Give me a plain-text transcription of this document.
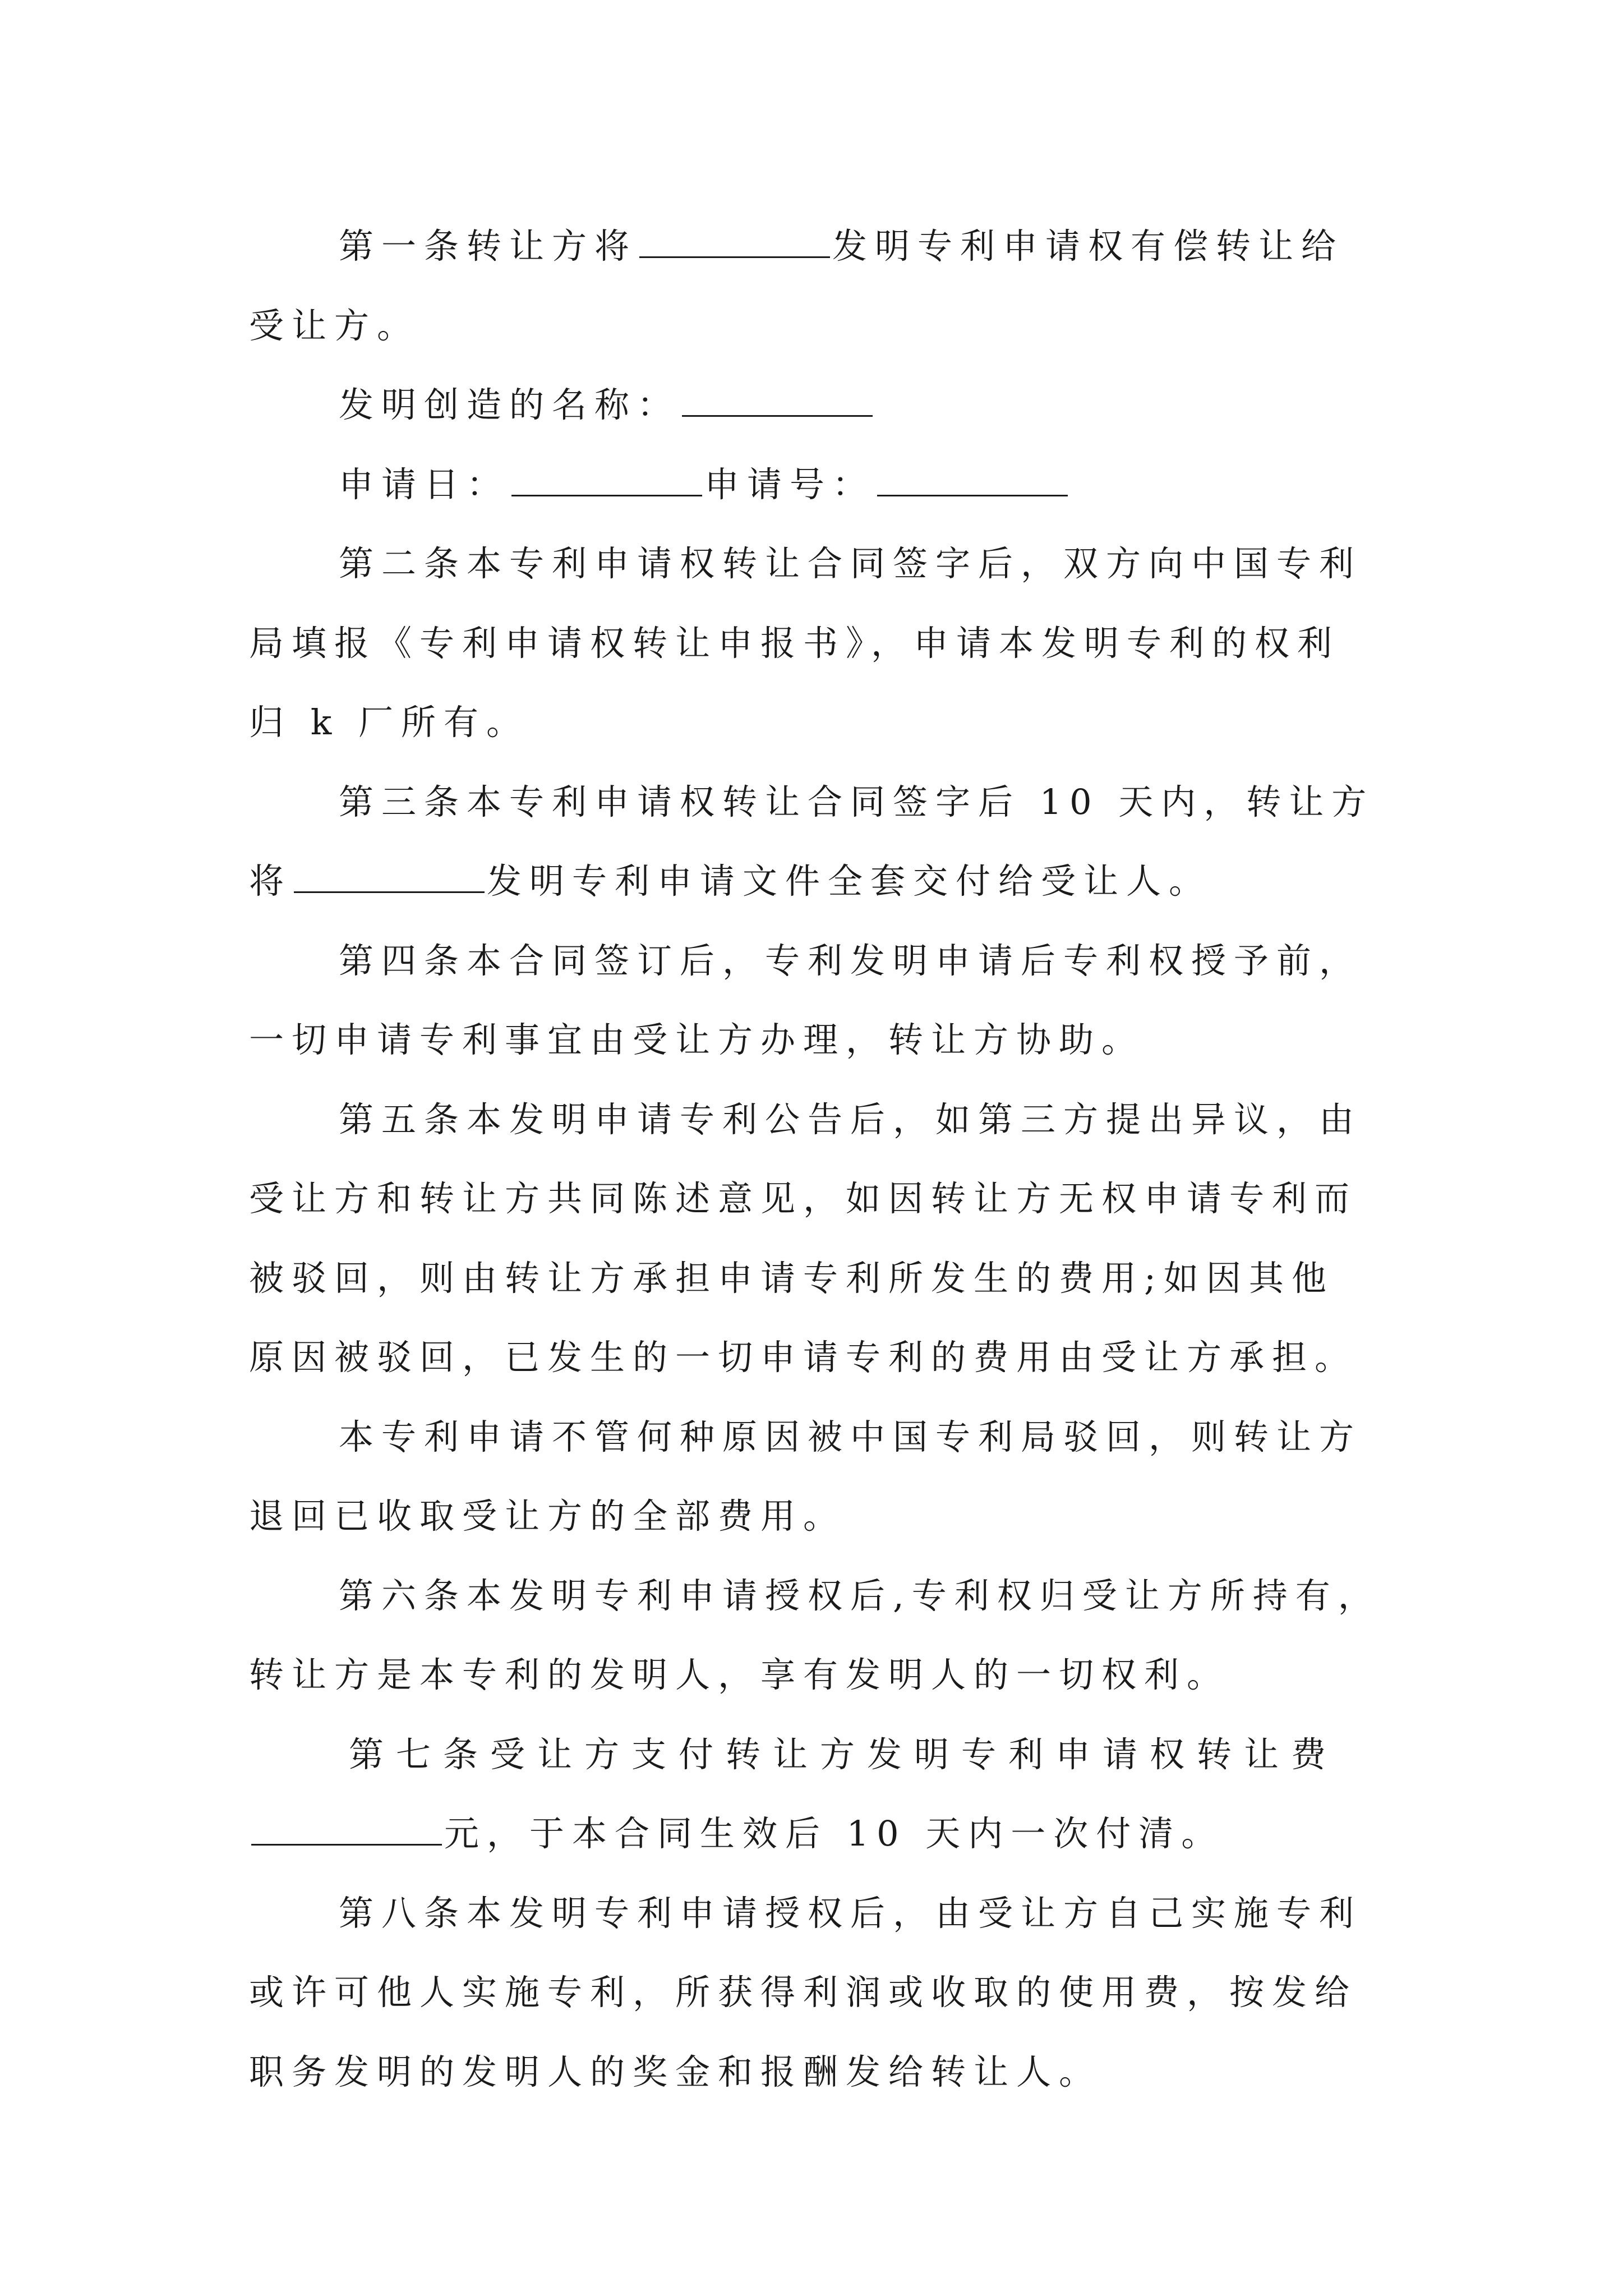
第一条转让方将	发明专利申请权有偿转让给
受让方。
发明创造的名称：
申请日：	申请号：
第二条本专利申请权转让合同签字后，双方向中国专利
局填报《专利申请权转让申报书》，申请本发明专利的权利
归 k 厂所有。
第三条本专利申请权转让合同签字后 10 天内，转让方
将	发明专利申请文件全套交付给受让人。
第四条本合同签订后，专利发明申请后专利权授予前，
一切申请专利事宜由受让方办理，转让方协助。
第五条本发明申请专利公告后，如第三方提出异议，由
受让方和转让方共同陈述意见，如因转让方无权申请专利而
被驳回，则由转让方承担申请专利所发生的费用;如因其他
原因被驳回，已发生的一切申请专利的费用由受让方承担。
本专利申请不管何种原因被中国专利局驳回，则转让方
退回已收取受让方的全部费用。
第六条本发明专利申请授权后,专利权归受让方所持有，
转让方是本专利的发明人，享有发明人的一切权利。
第七条受让方支付转让方发明专利申请权转让费
元，于本合同生效后 10 天内一次付清。
第八条本发明专利申请授权后，由受让方自己实施专利
或许可他人实施专利，所获得利润或收取的使用费，按发给
职务发明的发明人的奖金和报酬发给转让人。
